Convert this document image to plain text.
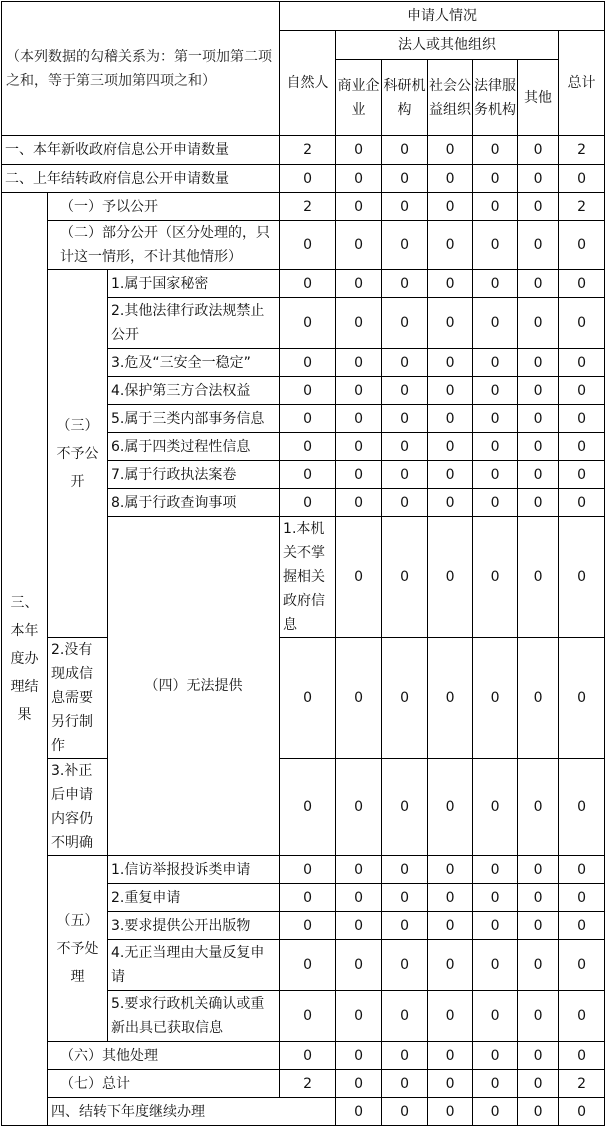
（本列数据的勾稽关系为：第一项加第二项之和，等于第三项加第四项之和）			申请人情况							
			自然人	法人或其他组织					总计	
				商业企业	科研机构	社会公益组织	法律服务机构	其他		
一、本年新收政府信息公开申请数量			2	0	0	0	0	0	2	
二、上年结转政府信息公开申请数量			0	0	0	0	0	0	0	
三、本年度办理结果	（一）予以公开		2	0	0	0	0	0	2	
	（二）部分公开（区分处理的，只计这一情形，不计其他情形）		0	0	0	0	0	0	0	
	（三）不予公开	1.属于国家秘密	0	0	0	0	0	0	0	
		2.其他法律行政法规禁止公开	0	0	0	0	0	0	0	
		3.危及“三安全一稳定”	0	0	0	0	0	0	0	
		4.保护第三方合法权益	0	0	0	0	0	0	0	
		5.属于三类内部事务信息	0	0	0	0	0	0	0	
		6.属于四类过程性信息	0	0	0	0	0	0	0	
		7.属于行政执法案卷	0	0	0	0	0	0	0	
		8.属于行政查询事项	0	0	0	0	0	0	0	
		（四）无法提供	1.本机关不掌握相关政府信息	0	0	0	0	0	0	
	2.没有现成信息需要另行制作		0	0	0	0	0	0	0	
	3.补正后申请内容仍不明确		0	0	0	0	0	0	0	
	（五）不予处理	1.信访举报投诉类申请	0	0	0	0	0	0	0	
		2.重复申请	0	0	0	0	0	0	0	
		3.要求提供公开出版物	0	0	0	0	0	0	0	
		4.无正当理由大量反复申请	0	0	0	0	0	0	0	
		5.要求行政机关确认或重新出具已获取信息	0	0	0	0	0	0	0	
	（六）其他处理		0	0	0	0	0	0	0	
	（七）总计		2	0	0	0	0	0	2	
	四、结转下年度继续办理			0	0	0	0	0	0	
